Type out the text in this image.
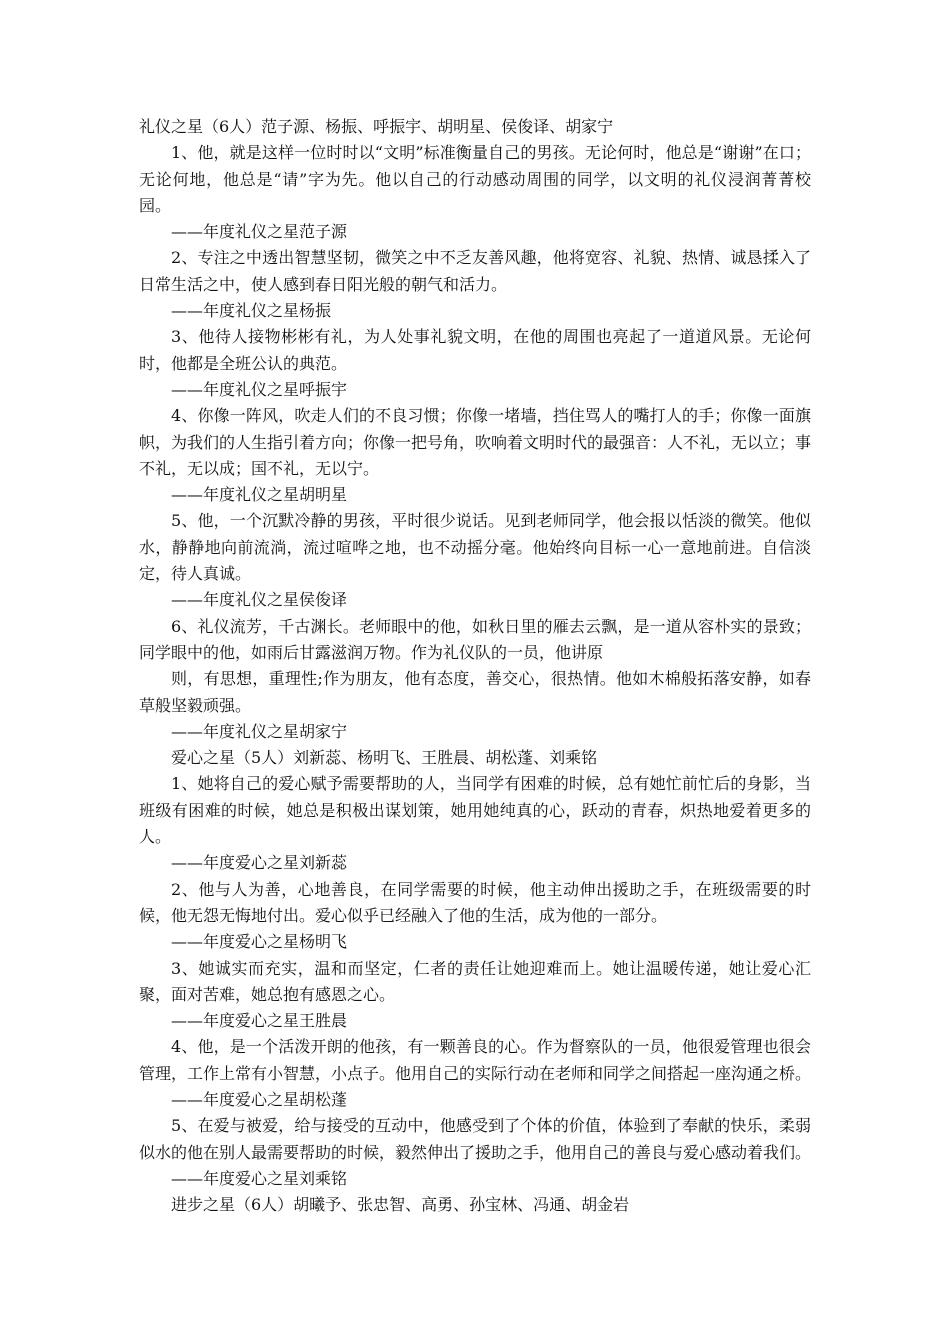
礼仪之星（6人）范子源、杨振、呼振宇、胡明星、侯俊译、胡家宁

1、他，就是这样一位时时以“文明”标准衡量自己的男孩。无论何时，他总是“谢谢”在口；无论何地，他总是“请”字为先。他以自己的行动感动周围的同学，以文明的礼仪浸润菁菁校园。

——年度礼仪之星范子源

2、专注之中透出智慧坚韧，微笑之中不乏友善风趣，他将宽容、礼貌、热情、诚恳揉入了日常生活之中，使人感到春日阳光般的朝气和活力。

——年度礼仪之星杨振

3、他待人接物彬彬有礼，为人处事礼貌文明，在他的周围也亮起了一道道风景。无论何时，他都是全班公认的典范。

——年度礼仪之星呼振宇

4、你像一阵风，吹走人们的不良习惯；你像一堵墙，挡住骂人的嘴打人的手；你像一面旗帜，为我们的人生指引着方向；你像一把号角，吹响着文明时代的最强音：人不礼，无以立；事不礼，无以成；国不礼，无以宁。

——年度礼仪之星胡明星

5、他，一个沉默冷静的男孩，平时很少说话。见到老师同学，他会报以恬淡的微笑。他似水，静静地向前流淌，流过喧哗之地，也不动摇分毫。他始终向目标一心一意地前进。自信淡定，待人真诚。

——年度礼仪之星侯俊译

6、礼仪流芳，千古渊长。老师眼中的他，如秋日里的雁去云飘，是一道从容朴实的景致；同学眼中的他，如雨后甘露滋润万物。作为礼仪队的一员，他讲原

则，有思想，重理性;作为朋友，他有态度，善交心，很热情。他如木棉般拓落安静，如春草般坚毅顽强。

——年度礼仪之星胡家宁

爱心之星（5人）刘新蕊、杨明飞、王胜晨、胡松蓬、刘乘铭

1、她将自己的爱心赋予需要帮助的人，当同学有困难的时候，总有她忙前忙后的身影，当班级有困难的时候，她总是积极出谋划策，她用她纯真的心，跃动的青春，炽热地爱着更多的人。

——年度爱心之星刘新蕊

2、他与人为善，心地善良，在同学需要的时候，他主动伸出援助之手，在班级需要的时候，他无怨无悔地付出。爱心似乎已经融入了他的生活，成为他的一部分。

——年度爱心之星杨明飞

3、她诚实而充实，温和而坚定，仁者的责任让她迎难而上。她让温暖传递，她让爱心汇聚，面对苦难，她总抱有感恩之心。

——年度爱心之星王胜晨

4、他，是一个活泼开朗的他孩，有一颗善良的心。作为督察队的一员，他很爱管理也很会管理，工作上常有小智慧，小点子。他用自己的实际行动在老师和同学之间搭起一座沟通之桥。

——年度爱心之星胡松蓬

5、在爱与被爱，给与接受的互动中，他感受到了个体的价值，体验到了奉献的快乐，柔弱似水的他在别人最需要帮助的时候，毅然伸出了援助之手，他用自己的善良与爱心感动着我们。

——年度爱心之星刘乘铭

进步之星（6人）胡曦予、张忠智、高勇、孙宝林、冯通、胡金岩
